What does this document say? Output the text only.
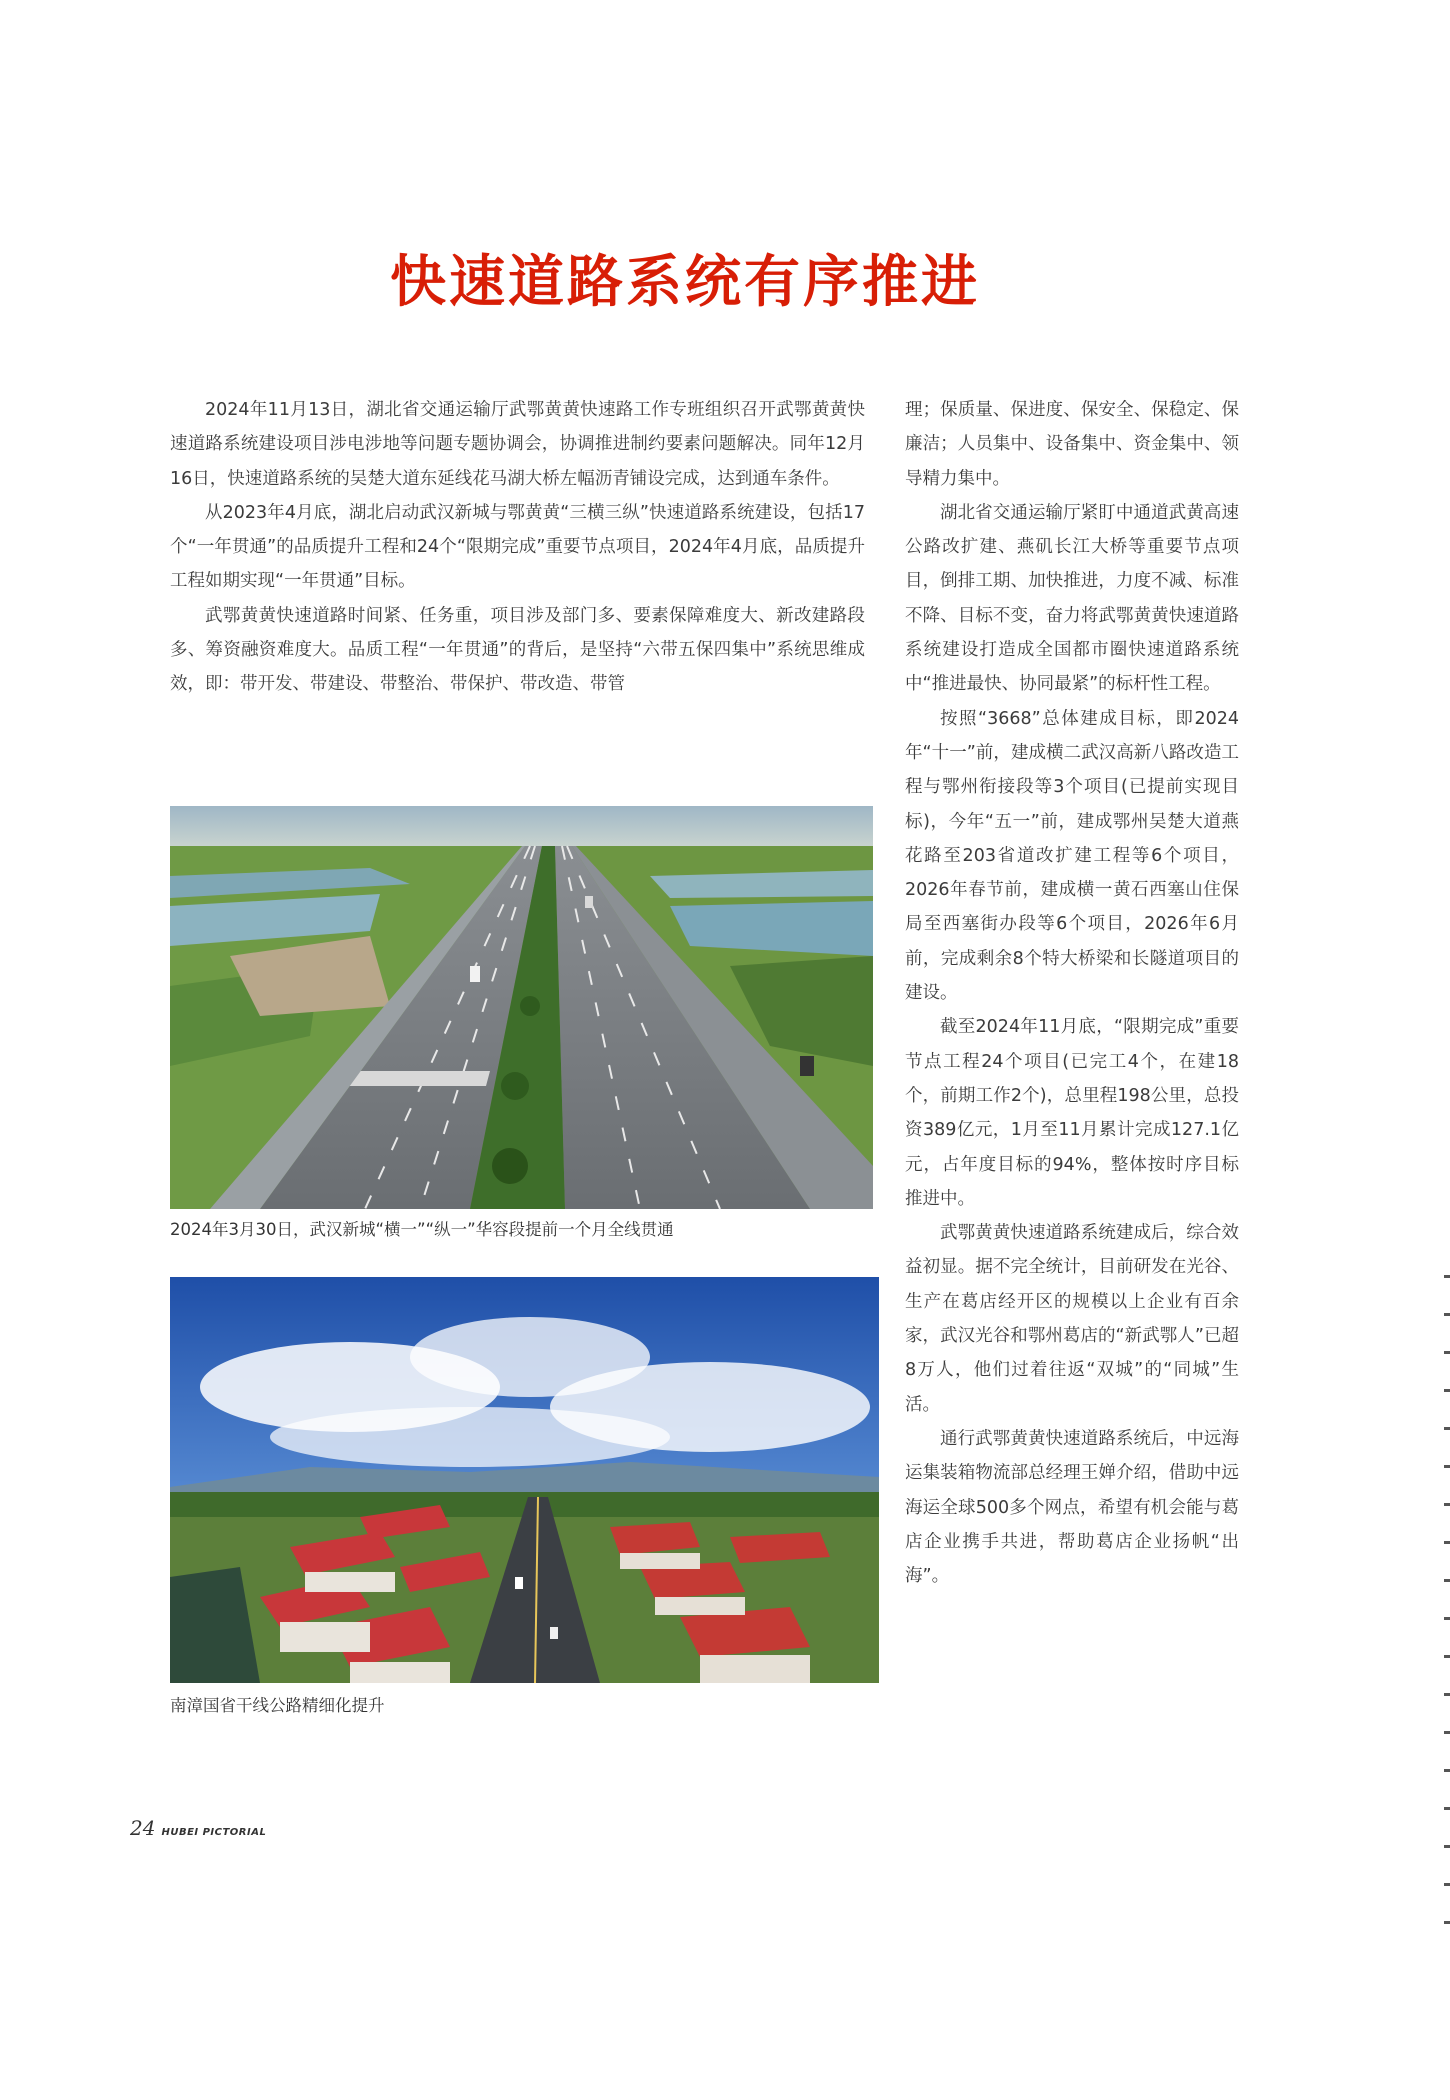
快速道路系统有序推进

2024年11月13日，湖北省交通运输厅武鄂黄黄快速路工作专班组织召开武鄂黄黄快速道路系统建设项目涉电涉地等问题专题协调会，协调推进制约要素问题解决。同年12月16日，快速道路系统的吴楚大道东延线花马湖大桥左幅沥青铺设完成，达到通车条件。

从2023年4月底，湖北启动武汉新城与鄂黄黄“三横三纵”快速道路系统建设，包括17个“一年贯通”的品质提升工程和24个“限期完成”重要节点项目，2024年4月底，品质提升工程如期实现“一年贯通”目标。

武鄂黄黄快速道路时间紧、任务重，项目涉及部门多、要素保障难度大、新改建路段多、筹资融资难度大。品质工程“一年贯通”的背后，是坚持“六带五保四集中”系统思维成效，即：带开发、带建设、带整治、带保护、带改造、带管

理；保质量、保进度、保安全、保稳定、保廉洁；人员集中、设备集中、资金集中、领导精力集中。

湖北省交通运输厅紧盯中通道武黄高速公路改扩建、燕矶长江大桥等重要节点项目，倒排工期、加快推进，力度不减、标准不降、目标不变，奋力将武鄂黄黄快速道路系统建设打造成全国都市圈快速道路系统中“推进最快、协同最紧”的标杆性工程。

按照“3668”总体建成目标，即2024年“十一”前，建成横二武汉高新八路改造工程与鄂州衔接段等3个项目(已提前实现目标)，今年“五一”前，建成鄂州吴楚大道燕花路至203省道改扩建工程等6个项目，2026年春节前，建成横一黄石西塞山住保局至西塞街办段等6个项目，2026年6月前，完成剩余8个特大桥梁和长隧道项目的建设。

截至2024年11月底，“限期完成”重要节点工程24个项目(已完工4个，在建18个，前期工作2个)，总里程198公里，总投资389亿元，1月至11月累计完成127.1亿元，占年度目标的94%，整体按时序目标推进中。

武鄂黄黄快速道路系统建成后，综合效益初显。据不完全统计，目前研发在光谷、生产在葛店经开区的规模以上企业有百余家，武汉光谷和鄂州葛店的“新武鄂人”已超8万人，他们过着往返“双城”的“同城”生活。

通行武鄂黄黄快速道路系统后，中远海运集装箱物流部总经理王婵介绍，借助中远海运全球500多个网点，希望有机会能与葛店企业携手共进，帮助葛店企业扬帆“出海”。

2024年3月30日，武汉新城“横一”“纵一”华容段提前一个月全线贯通
南漳国省干线公路精细化提升
24 HUBEI PICTORIAL
